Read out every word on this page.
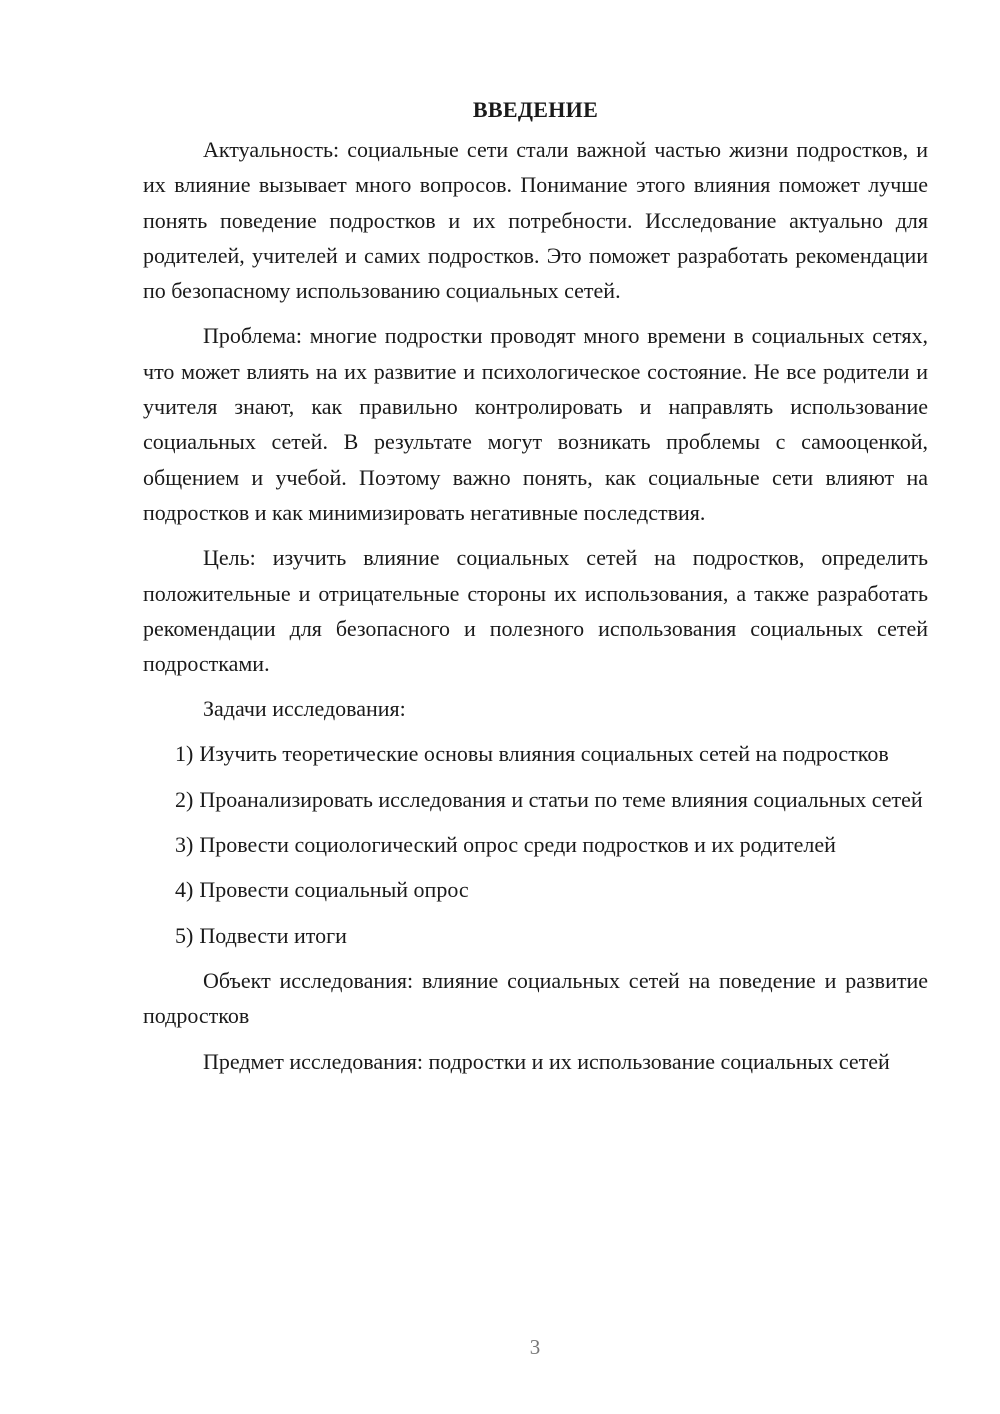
ВВЕДЕНИЕ

Актуальность: социальные сети стали важной частью жизни подростков, и их влияние вызывает много вопросов. Понимание этого влияния поможет лучше понять поведение подростков и их потребности. Исследование актуально для родителей, учителей и самих подростков. Это поможет разработать рекомендации по безопасному использованию социальных сетей.

Проблема: многие подростки проводят много времени в социальных сетях, что может влиять на их развитие и психологическое состояние. Не все родители и учителя знают, как правильно контролировать и направлять использование социальных сетей. В результате могут возникать проблемы с самооценкой, общением и учебой. Поэтому важно понять, как социальные сети влияют на подростков и как минимизировать негативные последствия.

Цель: изучить влияние социальных сетей на подростков, определить положительные и отрицательные стороны их использования, а также разработать рекомендации для безопасного и полезного использования социальных сетей подростками.

Задачи исследования:

1) Изучить теоретические основы влияния социальных сетей на подростков

2) Проанализировать исследования и статьи по теме влияния социальных сетей

3) Провести социологический опрос среди подростков и их родителей

4) Провести социальный опрос

5) Подвести итоги

Объект исследования: влияние социальных сетей на поведение и развитие подростков

Предмет исследования: подростки и их использование социальных сетей

3
